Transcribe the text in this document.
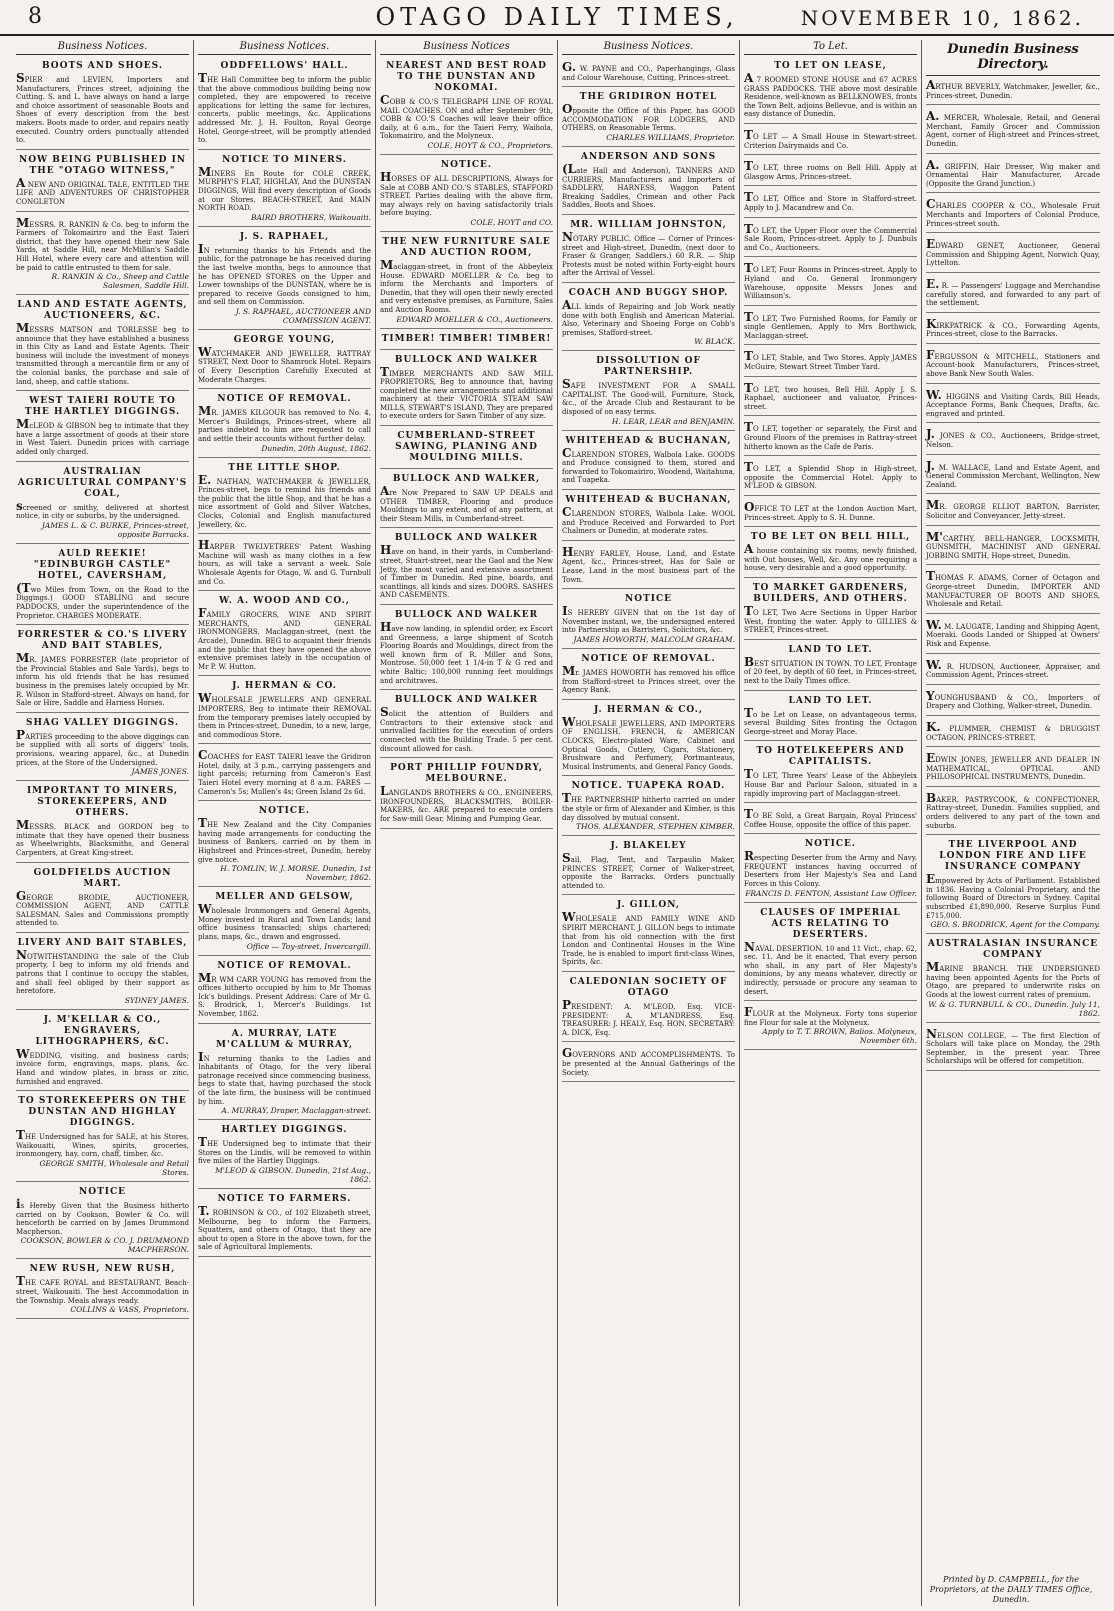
8	OTAGO DAILY TIMES,	NOVEMBER 10, 1862.
Business Notices.
BOOTS AND SHOES.
SPIER and LEVIEN, Importers and Manufacturers, Princes street, adjoining the Cutting. S. and L. have always on hand a large and choice assortment of seasonable Boots and Shoes of every description from the best makers. Boots made to order, and repairs neatly executed. Country orders punctually attended to.
NOW BEING PUBLISHED IN THE "OTAGO WITNESS,"
A NEW AND ORIGINAL TALE, ENTITLED THE LIFE AND ADVENTURES OF CHRISTOPHER CONGLETON
MESSRS. R. RANKIN & Co. beg to inform the Farmers of Tokomairiro and the East Taieri district, that they have opened their new Sale Yards, at Saddle Hill, near McMillan's Saddle Hill Hotel, where every care and attention will be paid to cattle entrusted to them for sale.
R. RANKIN & Co., Sheep and Cattle Salesmen, Saddle Hill.
LAND AND ESTATE AGENTS, AUCTIONEERS, &C.
MESSRS MATSON and TORLESSE beg to announce that they have established a business in this City as Land and Estate Agents. Their business will include the investment of moneys transmitted through a mercantile firm or any of the colonial banks, the purchase and sale of land, sheep, and cattle stations.
WEST TAIERI ROUTE TO THE HARTLEY DIGGINGS.
McLEOD & GIBSON beg to intimate that they have a large assortment of goods at their store in West Taieri. Dunedin prices with carriage added only charged.
AUSTRALIAN AGRICULTURAL COMPANY'S COAL,
screened or smithy, delivered at shortest notice, in city or suburbs, by the undersigned.
JAMES L. & C. BURKE, Princes-street, opposite Barracks.
AULD REEKIE! "EDINBURGH CASTLE" HOTEL, CAVERSHAM,
(Two Miles from Town, on the Road to the Diggings.) GOOD STABLING and secure PADDOCKS, under the superintendence of the Proprietor. CHARGES MODERATE.
FORRESTER & CO.'S LIVERY AND BAIT STABLES,
MR. JAMES FORRESTER (late proprietor of the Provincial Stables and Sale Yards), begs to inform his old friends that he has resumed business in the premises lately occupied by Mr. R. Wilson in Stafford-street. Always on hand, for Sale or Hire, Saddle and Harness Horses.
SHAG VALLEY DIGGINGS.
PARTIES proceeding to the above diggings can be supplied with all sorts of diggers' tools, provisions, wearing apparel, &c., at Dunedin prices, at the Store of the Undersigned.
JAMES JONES.
IMPORTANT TO MINERS, STOREKEEPERS, AND OTHERS.
MESSRS. BLACK and GORDON beg to intimate that they have opened their business as Wheelwrights, Blacksmiths, and General Carpenters, at Great King-street.
GOLDFIELDS AUCTION MART.
GEORGE BRODIE, AUCTIONEER, COMMISSION AGENT, AND CATTLE SALESMAN. Sales and Commissions promptly attended to.
LIVERY AND BAIT STABLES,
NOTWITHSTANDING the sale of the Club property, I beg to inform my old friends and patrons that I continue to occupy the stables, and shall feel obliged by their support as heretofore.
SYDNEY JAMES.
J. M'KELLAR & CO., ENGRAVERS, LITHOGRAPHERS, &C.
WEDDING, visiting, and business cards; invoice form, engravings, maps, plans, &c. Hand and window plates, in brass or zinc, furnished and engraved.
TO STOREKEEPERS ON THE DUNSTAN AND HIGHLAY DIGGINGS.
THE Undersigned has for SALE, at his Stores, Waikouaiti, Wines, spirits, groceries, ironmongery, hay, corn, chaff, timber, &c.
GEORGE SMITH, Wholesale and Retail Stores.
NOTICE
is Hereby Given that the Business hitherto carried on by Cookson, Bowler & Co. will henceforth be carried on by James Drummond Macpherson.
COOKSON, BOWLER & CO. J. DRUMMOND MACPHERSON.
NEW RUSH, NEW RUSH,
THE CAFE ROYAL and RESTAURANT, Beach-street, Waikouaiti. The best Accommodation in the Township. Meals always ready.
COLLINS & VASS, Proprietors.
Business Notices.
ODDFELLOWS' HALL.
THE Hall Committee beg to inform the public that the above commodious building being now completed, they are empowered to receive applications for letting the same for lectures, concerts, public meetings, &c. Applications addressed Mr. J. H. Foulton, Royal George Hotel, George-street, will be promptly attended to.
NOTICE TO MINERS.
MINERS En Route for COLE CREEK, MURPHY'S FLAT, HIGHLAY, And the DUNSTAN DIGGINGS, Will find every description of Goods at our Stores, BEACH-STREET, And MAIN NORTH ROAD.
BAIRD BROTHERS, Waikouaiti.
J. S. RAPHAEL,
IN returning thanks to his Friends and the public, for the patronage he has received during the last twelve months, begs to announce that he has OPENED STORES on the Upper and Lower townships of the DUNSTAN, where he is prepared to receive Goods consigned to him, and sell them on Commission.
J. S. RAPHAEL, AUCTIONEER AND COMMISSION AGENT.
GEORGE YOUNG,
WATCHMAKER AND JEWELLER, RATTRAY STREET, Next Door to Shamrock Hotel. Repairs of Every Description Carefully Executed at Moderate Charges.
NOTICE OF REMOVAL.
MR. JAMES KILGOUR has removed to No. 4, Mercer's Buildings, Princes-street, where all parties indebted to him are requested to call and settle their accounts without further delay.
Dunedin, 20th August, 1862.
THE LITTLE SHOP.
E. NATHAN, WATCHMAKER & JEWELLER, Princes-street, begs to remind his friends and the public that the little Shop, and that he has a nice assortment of Gold and Silver Watches, Clocks, Colonial and English manufactured Jewellery, &c.
HARPER TWELVETREES' Patent Washing Machine will wash as many clothes in a few hours, as will take a servant a week. Sole Wholesale Agents for Otago, W. and G. Turnbull and Co.
W. A. WOOD AND CO.,
FAMILY GROCERS, WINE AND SPIRIT MERCHANTS, AND GENERAL IRONMONGERS, Maclaggan-street, (next the Arcade), Dunedin. BEG to acquaint their friends and the public that they have opened the above extensive premises lately in the occupation of Mr P. W. Hutton.
J. HERMAN & CO.
WHOLESALE JEWELLERS AND GENERAL IMPORTERS, Beg to intimate their REMOVAL from the temporary premises lately occupied by them in Princes-street, Dunedin, to a new, large, and commodious Store.
COACHES for EAST TAIERI leave the Gridiron Hotel, daily, at 3 p.m., carrying passengers and light parcels; returning from Cameron's East Taieri Hotel every morning at 8 a.m. FARES — Cameron's 5s; Mullen's 4s; Green Island 2s 6d.
NOTICE.
THE New Zealand and the City Companies having made arrangements for conducting the business of Bankers, carried on by them in Highstreet and Princes-street, Dunedin, hereby give notice.
H. TOMLIN, W. J. MORSE. Dunedin, 1st November, 1862.
MELLER AND GELSOW,
Wholesale Ironmongers and General Agents, Money invested in Rural and Town Lands; land office business transacted; ships chartered; plans, maps, &c., drawn and engrossed.
Office — Toy-street, Invercargill.
NOTICE OF REMOVAL.
MR WM CARR YOUNG has removed from the offices hitherto occupied by him to Mr Thomas Ick's buildings. Present Address: Care of Mr G. S. Brodrick, 1, Mercer's Buildings. 1st November, 1862.
A. MURRAY, LATE M'CALLUM & MURRAY,
IN returning thanks to the Ladies and Inhabitants of Otago, for the very liberal patronage received since commencing business, begs to state that, having purchased the stock of the late firm, the business will be continued by him.
A. MURRAY, Draper, Maclaggan-street.
HARTLEY DIGGINGS.
THE Undersigned beg to intimate that their Stores on the Lindis, will be removed to within five miles of the Hartley Diggings.
M'LEOD & GIBSON. Dunedin, 21st Aug., 1862.
NOTICE TO FARMERS.
T. ROBINSON & CO., of 102 Elizabeth street, Melbourne, beg to inform the Farmers, Squatters, and others of Otago, that they are about to open a Store in the above town, for the sale of Agricultural Implements.
Business Notices
NEAREST AND BEST ROAD TO THE DUNSTAN AND NOKOMAI.
COBB & CO.'S TELEGRAPH LINE OF ROYAL MAIL COACHES. ON and after September 9th, COBB & CO.'S Coaches will leave their office daily, at 6 a.m., for the Taieri Ferry, Waihola, Tokomairiro, and the Molyneux.
COLE, HOYT & CO., Proprietors.
NOTICE.
HORSES OF ALL DESCRIPTIONS, Always for Sale at COBB AND CO.'S STABLES, STAFFORD STREET. Parties dealing with the above firm, may always rely on having satisfactorily trials before buying.
COLE, HOYT and CO.
THE NEW FURNITURE SALE AND AUCTION ROOM,
Maclaggan-street, in front of the Abbeyleix House. EDWARD MOELLER & Co. beg to inform the Merchants and Importers of Dunedin, that they will open their newly erected and very extensive premises, as Furniture, Sales and Auction Rooms.
EDWARD MOELLER & CO., Auctioneers.
TIMBER! TIMBER! TIMBER!
BULLOCK AND WALKER
TIMBER MERCHANTS AND SAW MILL PROPRIETORS, Beg to announce that, having completed the new arrangements and additional machinery at their VICTORIA STEAM SAW MILLS, STEWART'S ISLAND, They are prepared to execute orders for Sawn Timber of any size.
CUMBERLAND-STREET SAWING, PLANING AND MOULDING MILLS.
BULLOCK AND WALKER,
Are Now Prepared to SAW UP DEALS and OTHER TIMBER, Flooring and produce Mouldings to any extent, and of any pattern, at their Steam Mills, in Cumberland-street.
BULLOCK AND WALKER
Have on hand, in their yards, in Cumberland-street, Stuart-street, near the Gaol and the New Jetty, the most varied and extensive assortment of Timber in Dunedin. Red pine, boards, and scantlings, all kinds and sizes. DOORS. SASHES AND CASEMENTS.
BULLOCK AND WALKER
Have now landing, in splendid order, ex Escort and Greenness, a large shipment of Scotch Flooring Boards and Mouldings, direct from the well known firm of R. Miller and Sons, Montrose. 50,000 feet 1 1/4-in T & G red and white Baltic; 100,000 running feet mouldings and architraves.
BULLOCK AND WALKER
Solicit the attention of Builders and Contractors to their extensive stock and unrivalled facilities for the execution of orders connected with the Building Trade. 5 per cent. discount allowed for cash.
PORT PHILLIP FOUNDRY, MELBOURNE.
LANGLANDS BROTHERS & CO., ENGINEERS, IRONFOUNDERS, BLACKSMITHS, BOILER-MAKERS, &c. ARE prepared to execute orders for Saw-mill Gear, Mining and Pumping Gear.
Business Notices.
G. W. PAYNE and CO., Paperhangings, Glass and Colour Warehouse, Cutting, Princes-street.
THE GRIDIRON HOTEL
Opposite the Office of this Paper, has GOOD ACCOMMODATION FOR LODGERS, AND OTHERS, on Reasonable Terms.
CHARLES WILLIAMS, Proprietor.
ANDERSON AND SONS
(Late Hall and Anderson), TANNERS AND CURRIERS, Manufacturers and Importers of SADDLERY, HARNESS, Waggon Patent Breaking Saddles, Crimean and other Pack Saddles, Boots and Shoes.
MR. WILLIAM JOHNSTON,
NOTARY PUBLIC. Office — Corner of Princes-street and High-street, Dunedin, (next door to Fraser & Granger, Saddlers.) 60 R.R. — Ship Protests must be noted within Forty-eight hours after the Arrival of Vessel.
COACH AND BUGGY SHOP.
ALL kinds of Repairing and Job Work neatly done with both English and American Material. Also, Veterinary and Shoeing Forge on Cobb's premises, Stafford-street.
W. BLACK.
DISSOLUTION OF PARTNERSHIP.
SAFE INVESTMENT FOR A SMALL CAPITALIST. The Good-will, Furniture, Stock, &c., of the Arcade Club and Restaurant to be disposed of on easy terms.
H. LEAR, LEAR and BENJAMIN.
WHITEHEAD & BUCHANAN,
CLARENDON STORES, Walbola Lake. GOODS and Produce consigned to them, stored and forwarded to Tokomairiro, Woodend, Waitahuna, and Tuapeka.
WHITEHEAD & BUCHANAN,
CLARENDON STORES, Walbola Lake. WOOL and Produce Received and Forwarded to Port Chalmers or Dunedin, at moderate rates.
HENRY FARLEY, House, Land, and Estate Agent, &c., Princes-street, Has for Sale or Lease, Land in the most business part of the Town.
NOTICE
IS HEREBY GIVEN that on the 1st day of November instant, we, the undersigned entered into Partnership as Barristers, Solicitors, &c.
JAMES HOWORTH, MALCOLM GRAHAM.
NOTICE OF REMOVAL.
Mr. JAMES HOWORTH has removed his office from Stafford-street to Princes street, over the Agency Bank.
J. HERMAN & CO.,
WHOLESALE JEWELLERS, AND IMPORTERS OF ENGLISH, FRENCH, & AMERICAN CLOCKS, Electro-plated Ware, Cabinet and Optical Goods, Cutlery, Cigars, Stationery, Brushware and Perfumery, Portmanteaus, Musical Instruments, and General Fancy Goods.
NOTICE. TUAPEKA ROAD.
THE PARTNERSHIP hitherto carried on under the style or firm of Alexander and Kimber, is this day dissolved by mutual consent.
THOS. ALEXANDER, STEPHEN KIMBER.
J. BLAKELEY
Sail, Flag, Tent, and Tarpaulin Maker, PRINCES STREET, Corner of Walker-street, opposite the Barracks. Orders punctually attended to.
J. GILLON,
WHOLESALE AND FAMILY WINE AND SPIRIT MERCHANT. J. GILLON begs to intimate that from his old connection with the first London and Continental Houses in the Wine Trade, he is enabled to import first-class Wines, Spirits, &c.
CALEDONIAN SOCIETY OF OTAGO
PRESIDENT: A. M'LEOD, Esq. VICE-PRESIDENT: A. M'LANDRESS, Esq. TREASURER: J. HEALY, Esq. HON. SECRETARY: A. DICK, Esq.
GOVERNORS AND ACCOMPLISHMENTS. To be presented at the Annual Gatherings of the Society.
To Let.
TO LET ON LEASE,
A 7 ROOMED STONE HOUSE and 67 ACRES GRASS PADDOCKS. THE above most desirable Residence, well-known as BELLKNOWES, fronts the Town Belt, adjoins Bellevue, and is within an easy distance of Dunedin.
TO LET — A Small House in Stewart-street. Criterion Dairymaids and Co.
TO LET, three rooms on Bell Hill. Apply at Glasgow Arms, Princes-street.
TO LET, Office and Store in Stafford-street. Apply to J. Macandrew and Co.
TO LET, the Upper Floor over the Commercial Sale Room, Princes-street. Apply to J. Dunbuls and Co., Auctioneers.
TO LET, Four Rooms in Princes-street. Apply to Hyland and Co. General Ironmongery Warehouse, opposite Messrs Jones and Williamson's.
TO LET, Two Furnished Rooms, for Family or single Gentlemen, Apply to Mrs Borthwick, Maclaggan-street.
TO LET, Stable, and Two Stores. Apply JAMES McGuire, Stewart Street Timber Yard.
TO LET, two houses, Bell Hill. Apply J. S. Raphael, auctioneer and valuator, Princes-street.
TO LET, together or separately, the First and Ground Floors of the premises in Rattray-street hitherto known as the Cafe de Paris.
TO LET, a Splendid Shop in High-street, opposite the Commercial Hotel. Apply to M'LEOD & GIBSON.
OFFICE TO LET at the London Auction Mart, Princes-street. Apply to S. H. Dunne.
TO BE LET ON BELL HILL,
A house containing six rooms, newly finished, with Out houses, Well, &c. Any one requiring a house, very desirable and a good opportunity.
TO MARKET GARDENERS, BUILDERS, AND OTHERS.
TO LET, Two Acre Sections in Upper Harbor West, fronting the water. Apply to GILLIES & STREET, Princes-street.
LAND TO LET.
BEST SITUATION IN TOWN. TO LET, Frontage of 20 feet, by depth of 60 feet, in Princes-street, next to the Daily Times office.
LAND TO LET.
To be Let on Lease, on advantageous terms, several Building Sites fronting the Octagon George-street and Moray Place.
TO HOTELKEEPERS AND CAPITALISTS.
TO LET, Three Years' Lease of the Abbeyleix House Bar and Parlour Saloon, situated in a rapidly improving part of Maclaggan-street.
TO BE Sold, a Great Bargain, Royal Princess' Coffee House, opposite the office of this paper.
NOTICE.
Respecting Deserter from the Army and Navy. FREQUENT instances having occurred of Deserters from Her Majesty's Sea and Land Forces in this Colony.
FRANCIS D. FENTON, Assistant Law Officer.
CLAUSES OF IMPERIAL ACTS RELATING TO DESERTERS.
NAVAL DESERTION. 10 and 11 Vict., chap. 62, sec. 11. And be it enacted, That every person who shall, in any part of Her Majesty's dominions, by any means whatever, directly or indirectly, persuade or procure any seaman to desert.
FLOUR at the Molyneux. Forty tons superior fine Flour for sale at the Molyneux.
Apply to T. T. BROWN, Balios. Molyneux, November 6th.
Dunedin Business Directory.
ARTHUR BEVERLY, Watchmaker, Jeweller, &c., Princes-street, Dunedin.
A. MERCER, Wholesale, Retail, and General Merchant, Family Grocer and Commission Agent, corner of High-street and Princes-street, Dunedin.
A. GRIFFIN, Hair Dresser, Wig maker and Ornamental Hair Manufacturer, Arcade (Opposite the Grand Junction.)
CHARLES COOPER & CO., Wholesale Fruit Merchants and Importers of Colonial Produce, Princes-street south.
EDWARD GENET, Auctioneer, General Commission and Shipping Agent, Norwich Quay, Lyttelton.
E. R. — Passengers' Luggage and Merchandise carefully stored, and forwarded to any part of the settlement.
KIRKPATRICK & CO., Forwarding Agents, Princes-street, close to the Barracks.
FERGUSSON & MITCHELL, Stationers and Account-book Manufacturers, Princes-street, above Bank New South Wales.
W. HIGGINS and Visiting Cards, Bill Heads, Acceptance Forms, Bank Cheques, Drafts, &c. engraved and printed.
J. JONES & CO., Auctioneers, Bridge-street, Nelson.
J. M. WALLACE, Land and Estate Agent, and General Commission Merchant, Wellington, New Zealand.
MR. GEORGE ELLIOT BARTON, Barrister, Solicitor and Conveyancer, Jetty-street.
M'CARTHY, BELL-HANGER, LOCKSMITH, GUNSMITH, MACHINIST AND GENERAL JOBBING SMITH, Hope-street, Dunedin.
THOMAS F. ADAMS, Corner of Octagon and George-street Dunedin, IMPORTER AND MANUFACTURER OF BOOTS AND SHOES, Wholesale and Retail.
W. M. LAUGATE, Landing and Shipping Agent, Moeraki. Goods Landed or Shipped at Owners' Risk and Expense.
W. R. HUDSON, Auctioneer, Appraiser, and Commission Agent, Princes-street.
YOUNGHUSBAND & CO., Importers of Drapery and Clothing, Walker-street, Dunedin.
K. PLUMMER, CHEMIST & DRUGGIST OCTAGON, PRINCES-STREET.
EDWIN JONES, JEWELLER AND DEALER IN MATHEMATICAL, OPTICAL AND PHILOSOPHICAL INSTRUMENTS, Dunedin.
BAKER, PASTRYCOOK, & CONFECTIONER, Rattray-street, Dunedin. Families supplied, and orders delivered to any part of the town and suburbs.
THE LIVERPOOL AND LONDON FIRE AND LIFE INSURANCE COMPANY
Empowered by Acts of Parliament. Established in 1836. Having a Colonial Proprietary, and the following Board of Directors in Sydney. Capital subscribed £1,890,000. Reserve Surplus Fund £715,000.
GEO. S. BRODRICK, Agent for the Company.
AUSTRALASIAN INSURANCE COMPANY
MARINE BRANCH. THE UNDERSIGNED having been appointed Agents for the Ports of Otago, are prepared to underwrite risks on Goods at the lowest current rates of premium.
W. & G. TURNBULL & CO., Dunedin. July 11, 1862.
NELSON COLLEGE. — The first Election of Scholars will take place on Monday, the 29th September, in the present year. Three Scholarships will be offered for competition.
Printed by D. CAMPBELL, for the Proprietors, at the DAILY TIMES Office, Dunedin.
